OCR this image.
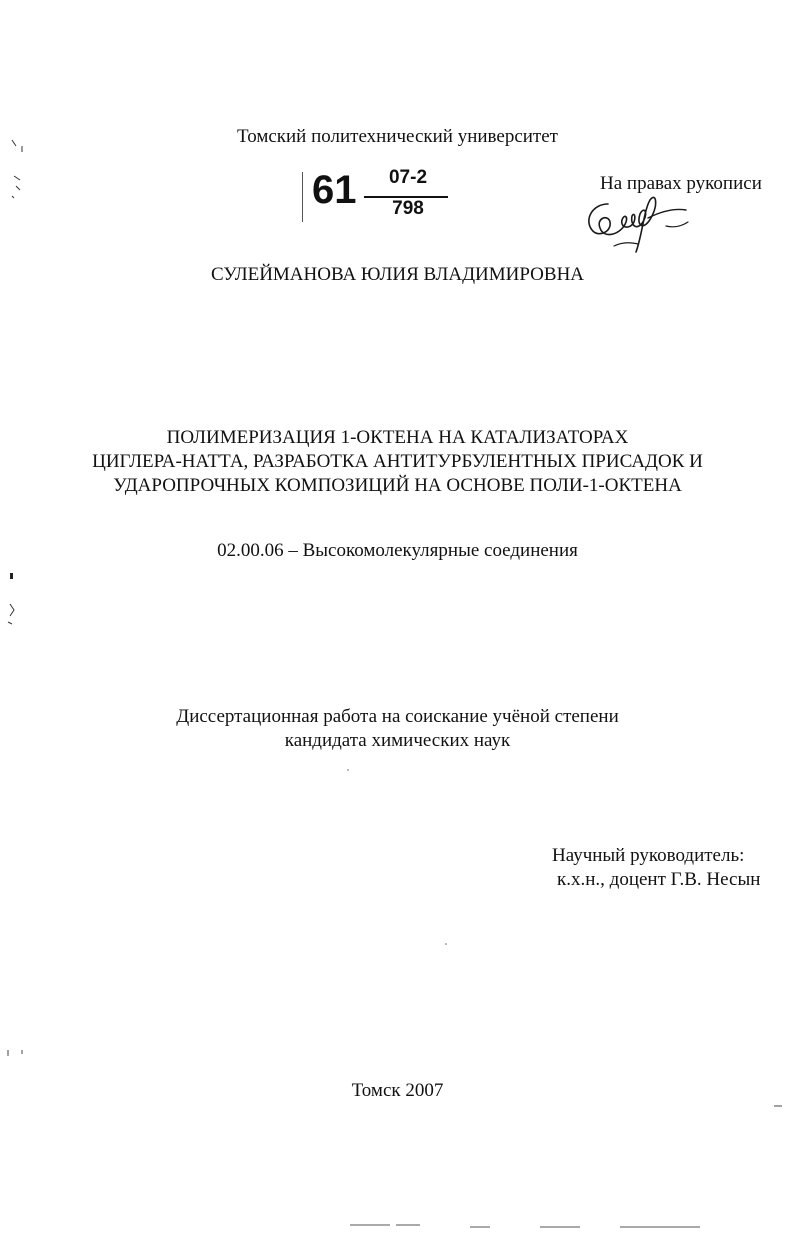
Томский политехнический университет
61	07-2
798
На правах рукописи
СУЛЕЙМАНОВА ЮЛИЯ ВЛАДИМИРОВНА
ПОЛИМЕРИЗАЦИЯ 1-ОКТЕНА НА КАТАЛИЗАТОРАХ
ЦИГЛЕРА-НАТТА, РАЗРАБОТКА АНТИТУРБУЛЕНТНЫХ ПРИСАДОК И
УДАРОПРОЧНЫХ КОМПОЗИЦИЙ НА ОСНОВЕ ПОЛИ-1-ОКТЕНА
02.00.06 – Высокомолекулярные соединения
Диссертационная работа на соискание учёной степени
кандидата химических наук
Научный руководитель:
к.х.н., доцент Г.В. Несын
Томск 2007
